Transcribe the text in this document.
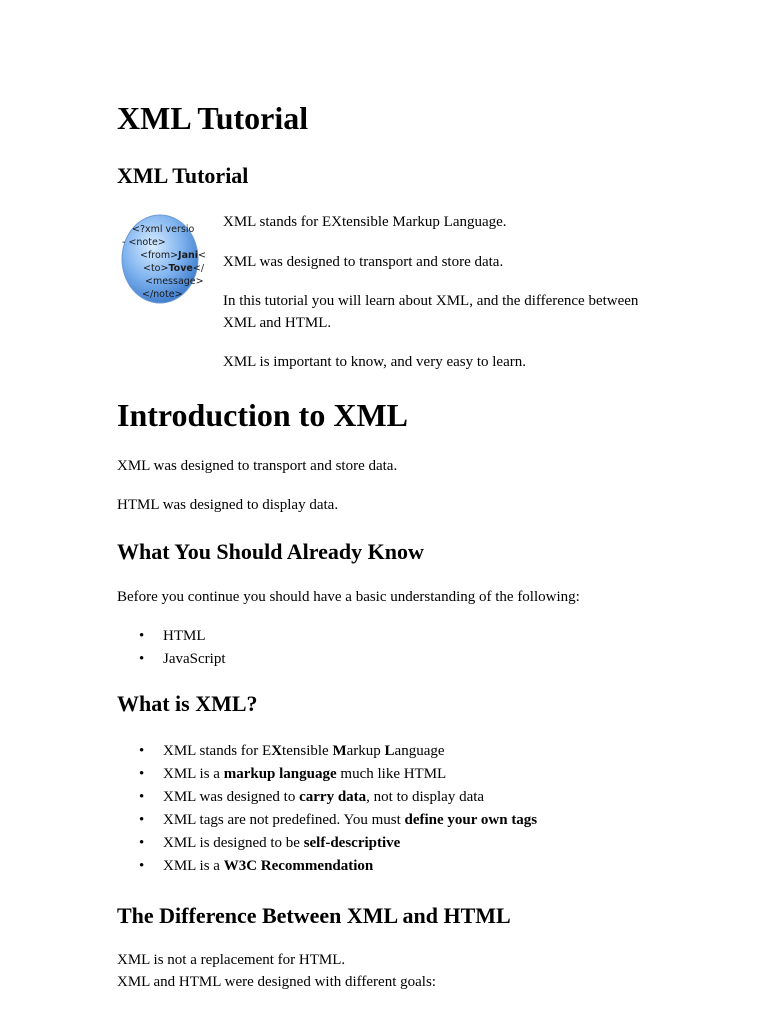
XML Tutorial
XML Tutorial
<?xml versio
- <note>
<from>Jani<
<to>Tove</
<message>
</note>

XML stands for EXtensible Markup Language.

XML was designed to transport and store data.

In this tutorial you will learn about XML, and the difference between

XML and HTML.

XML is important to know, and very easy to learn.

Introduction to XML

XML was designed to transport and store data.

HTML was designed to display data.

What You Should Already Know

Before you continue you should have a basic understanding of the following:

• HTML
• JavaScript
What is XML?
• XML stands for EXtensible Markup Language
• XML is a markup language much like HTML
• XML was designed to carry data, not to display data
• XML tags are not predefined. You must define your own tags
• XML is designed to be self-descriptive
• XML is a W3C Recommendation
The Difference Between XML and HTML

XML is not a replacement for HTML.

XML and HTML were designed with different goals:
